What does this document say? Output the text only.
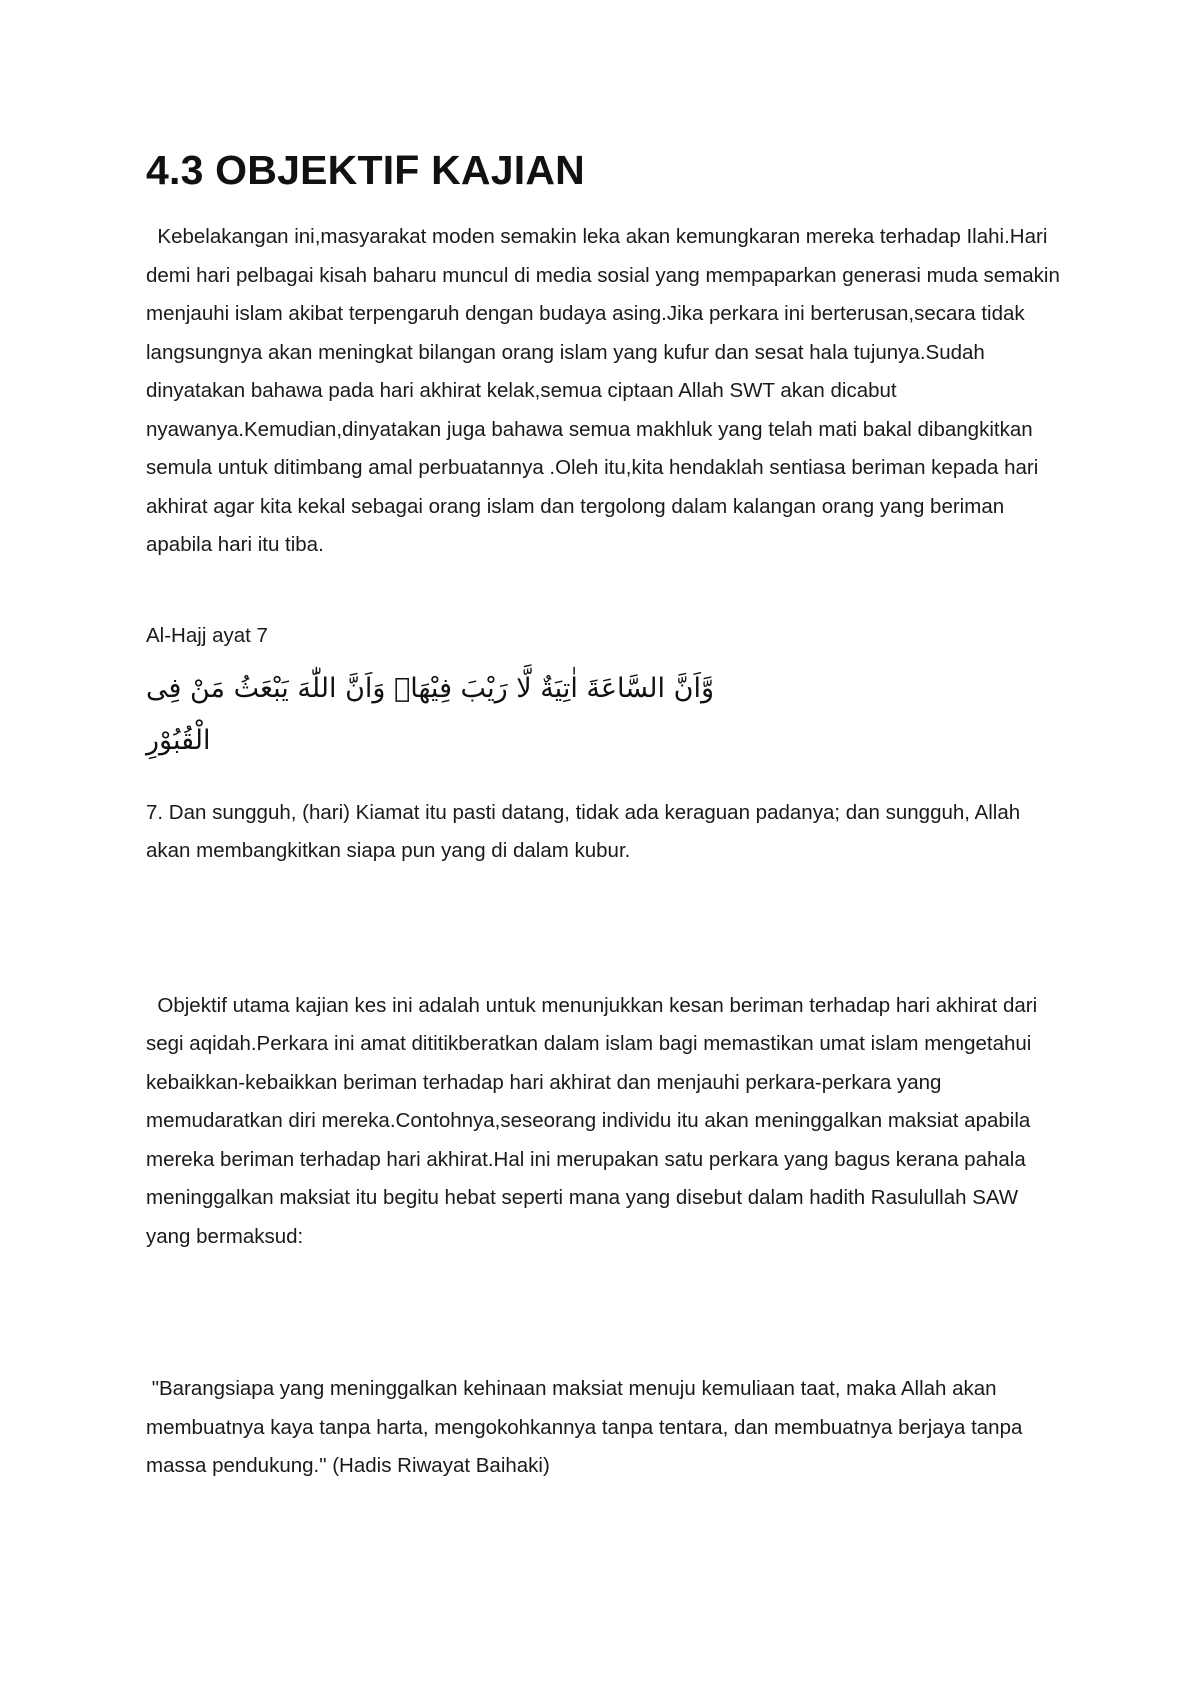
4.3 OBJEKTIF KAJIAN

Kebelakangan ini,masyarakat moden semakin leka akan kemungkaran mereka terhadap Ilahi.Hari demi hari pelbagai kisah baharu muncul di media sosial yang mempaparkan generasi muda semakin menjauhi islam akibat terpengaruh dengan budaya asing.Jika perkara ini berterusan,secara tidak langsungnya akan meningkat bilangan orang islam yang kufur dan sesat hala tujunya.Sudah dinyatakan bahawa pada hari akhirat kelak,semua ciptaan Allah SWT akan dicabut nyawanya.Kemudian,dinyatakan juga bahawa semua makhluk yang telah mati bakal dibangkitkan semula untuk ditimbang amal perbuatannya .Oleh itu,kita hendaklah sentiasa beriman kepada hari akhirat agar kita kekal sebagai orang islam dan tergolong dalam kalangan orang yang beriman apabila hari itu tiba.

Al-Hajj ayat 7

وَّاَنَّ السَّاعَةَ اٰتِيَةٌ لَّا رَيْبَ فِيْهَاۙ وَاَنَّ اللّٰهَ يَبْعَثُ مَنْ فِى الْقُبُوْرِ

7. Dan sungguh, (hari) Kiamat itu pasti datang, tidak ada keraguan padanya; dan sungguh, Allah akan membangkitkan siapa pun yang di dalam kubur.

Objektif utama kajian kes ini adalah untuk menunjukkan kesan beriman terhadap hari akhirat dari segi aqidah.Perkara ini amat dititikberatkan dalam islam bagi memastikan umat islam mengetahui kebaikkan-kebaikkan beriman terhadap hari akhirat dan menjauhi perkara-perkara yang memudaratkan diri mereka.Contohnya,seseorang individu itu akan meninggalkan maksiat apabila mereka beriman terhadap hari akhirat.Hal ini merupakan satu perkara yang bagus kerana pahala meninggalkan maksiat itu begitu hebat seperti mana yang disebut dalam hadith Rasulullah SAW yang bermaksud:

"Barangsiapa yang meninggalkan kehinaan maksiat menuju kemuliaan taat, maka Allah akan membuatnya kaya tanpa harta, mengokohkannya tanpa tentara, dan membuatnya berjaya tanpa massa pendukung." (Hadis Riwayat Baihaki)
